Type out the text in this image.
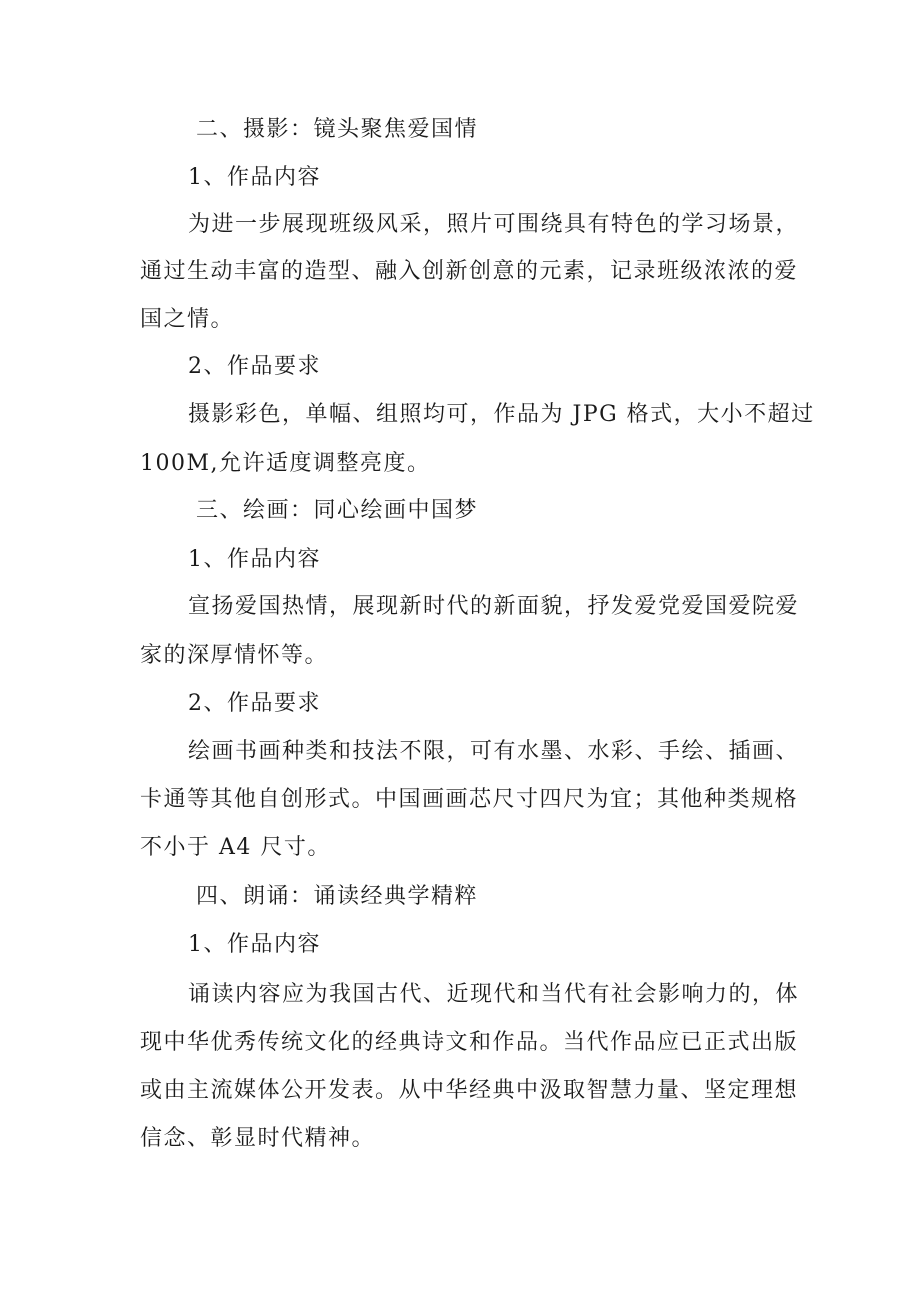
二、摄影：镜头聚焦爱国情
1、作品内容
为进一步展现班级风采，照片可围绕具有特色的学习场景，
通过生动丰富的造型、融入创新创意的元素，记录班级浓浓的爱
国之情。
2、作品要求
摄影彩色，单幅、组照均可，作品为 JPG 格式，大小不超过
100M,允许适度调整亮度。
三、绘画：同心绘画中国梦
1、作品内容
宣扬爱国热情，展现新时代的新面貌，抒发爱党爱国爱院爱
家的深厚情怀等。
2、作品要求
绘画书画种类和技法不限，可有水墨、水彩、手绘、插画、
卡通等其他自创形式。中国画画芯尺寸四尺为宜；其他种类规格
不小于 A4 尺寸。
四、朗诵：诵读经典学精粹
1、作品内容
诵读内容应为我国古代、近现代和当代有社会影响力的，体
现中华优秀传统文化的经典诗文和作品。当代作品应已正式出版
或由主流媒体公开发表。从中华经典中汲取智慧力量、坚定理想
信念、彰显时代精神。
